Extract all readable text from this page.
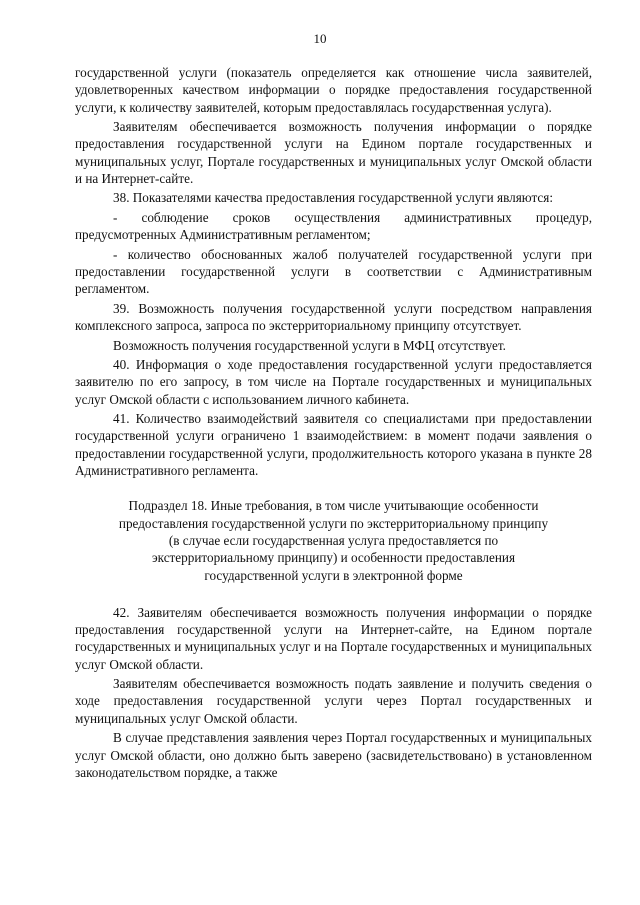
10

государственной услуги (показатель определяется как отношение числа заявителей, удовлетворенных качеством информации о порядке предоставления государственной услуги, к количеству заявителей, которым предоставлялась государственная услуга).

Заявителям обеспечивается возможность получения информации о порядке предоставления государственной услуги на Едином портале государственных и муниципальных услуг, Портале государственных и муниципальных услуг Омской области и на Интернет-сайте.

38. Показателями качества предоставления государственной услуги являются:

- соблюдение сроков осуществления административных процедур, предусмотренных Административным регламентом;

- количество обоснованных жалоб получателей государственной услуги при предоставлении государственной услуги в соответствии с Административным регламентом.

39. Возможность получения государственной услуги посредством направления комплексного запроса, запроса по экстерриториальному принципу отсутствует.

Возможность получения государственной услуги в МФЦ отсутствует.

40. Информация о ходе предоставления государственной услуги предоставляется заявителю по его запросу, в том числе на Портале государственных и муниципальных услуг Омской области с использованием личного кабинета.

41. Количество взаимодействий заявителя со специалистами при предоставлении государственной услуги ограничено 1 взаимодействием: в момент подачи заявления о предоставлении государственной услуги, продолжительность которого указана в пункте 28 Административного регламента.

Подраздел 18. Иные требования, в том числе учитывающие особенности
предоставления государственной услуги по экстерриториальному принципу
(в случае если государственная услуга предоставляется по
экстерриториальному принципу) и особенности предоставления
государственной услуги в электронной форме

42. Заявителям обеспечивается возможность получения информации о порядке предоставления государственной услуги на Интернет-сайте, на Едином портале государственных и муниципальных услуг и на Портале государственных и муниципальных услуг Омской области.

Заявителям обеспечивается возможность подать заявление и получить сведения о ходе предоставления государственной услуги через Портал государственных и муниципальных услуг Омской области.

В случае представления заявления через Портал государственных и муниципальных услуг Омской области, оно должно быть заверено (засвидетельствовано) в установленном законодательством порядке, а также
